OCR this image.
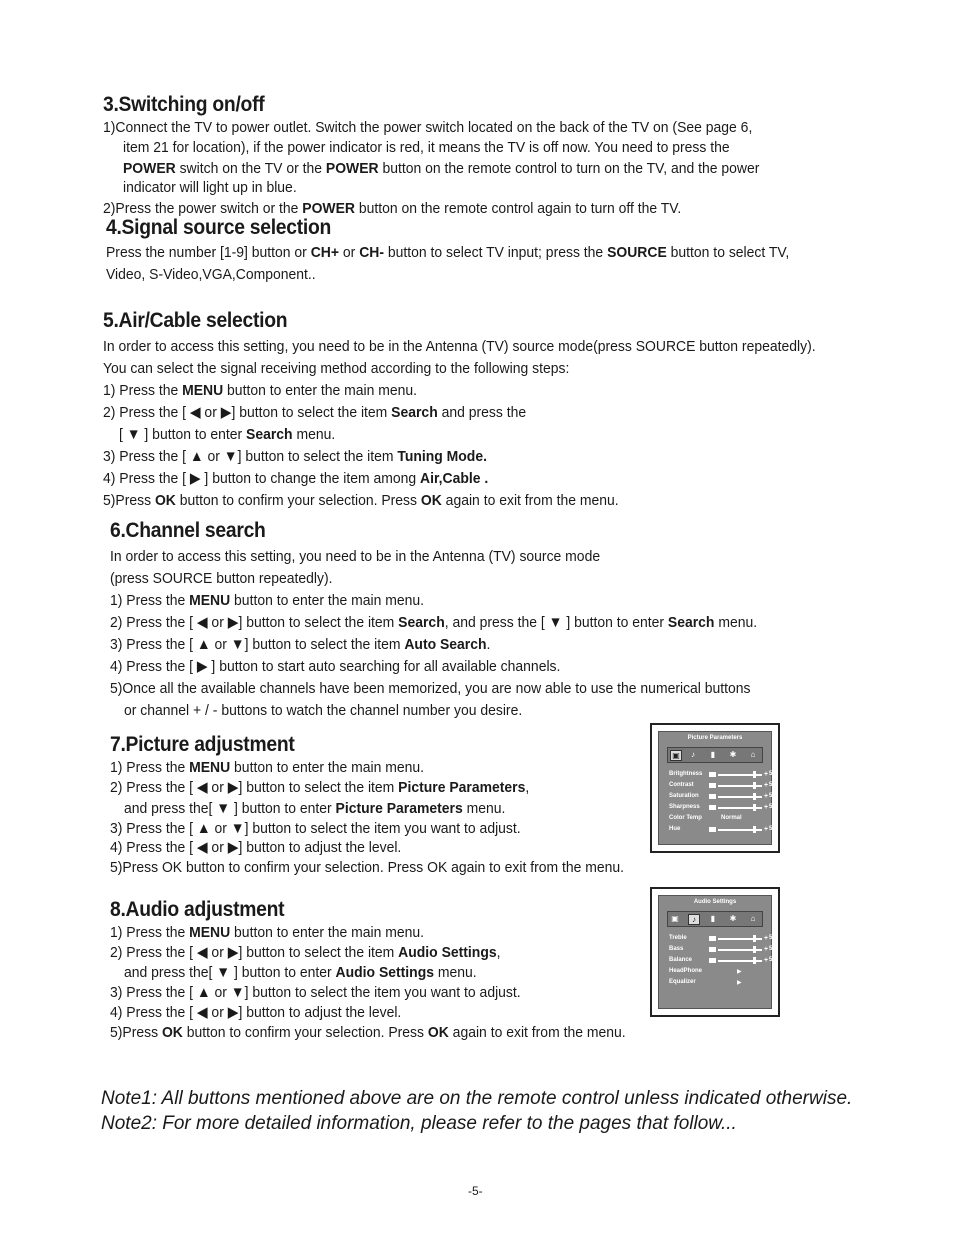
3.Switching on/off
1)Connect the TV to power outlet. Switch the power switch located on the back of the TV on (See page 6,
item 21 for location), if the power indicator is red, it means the TV is off now. You need to press the
POWER switch on the TV or the POWER button on the remote control to turn on the TV, and the power
indicator will light up in blue.
2)Press the power switch or the POWER button on the remote control again to turn off the TV.
4.Signal source selection
Press the number [1-9] button or CH+ or CH- button to select TV input; press the SOURCE button to select TV,
Video, S-Video,VGA,Component..
5.Air/Cable selection
In order to access this setting, you need to be in the Antenna (TV) source mode(press SOURCE button repeatedly).
You can select the signal receiving method according to the following steps:
1) Press the MENU button to enter the main menu.
2) Press the [ ◀ or ▶] button to select the item Search and press the
[ ▼ ] button to enter Search menu.
3) Press the [ ▲ or ▼] button to select the item Tuning Mode.
4) Press the [ ▶ ] button to change the item among Air,Cable .
5)Press OK button to confirm your selection. Press OK again to exit from the menu.
6.Channel search
In order to access this setting, you need to be in the Antenna (TV) source mode
(press SOURCE button repeatedly).
1) Press the MENU button to enter the main menu.
2) Press the [ ◀ or ▶] button to select the item Search, and press the [ ▼ ] button to enter Search menu.
3) Press the [ ▲ or ▼] button to select the item Auto Search.
4) Press the [ ▶ ] button to start auto searching for all available channels.
5)Once all the available channels have been memorized, you are now able to use the numerical buttons
or channel + / - buttons to watch the channel number you desire.
7.Picture adjustment
1) Press the MENU button to enter the main menu.
2) Press the [ ◀ or ▶] button to select the item Picture Parameters,
and press the[ ▼ ] button to enter Picture Parameters menu.
3) Press the [ ▲ or ▼] button to select the item you want to adjust.
4) Press the [ ◀ or ▶] button to adjust the level.
5)Press OK button to confirm your selection. Press OK again to exit from the menu.
Picture Parameters
▣	♪	▮	✱	⌂
Britghtness	+ 50
Contrast	+ 50
Saturation	+ 50
Sharpness	+ 50
Color Temp	Normal
Hue	+ 50
8.Audio adjustment
1) Press the MENU button to enter the main menu.
2) Press the [ ◀ or ▶] button to select the item Audio Settings,
and press the[ ▼ ] button to enter Audio Settings menu.
3) Press the [ ▲ or ▼] button to select the item you want to adjust.
4) Press the [ ◀ or ▶] button to adjust the level.
5)Press OK button to confirm your selection. Press OK again to exit from the menu.
Audio Settings
▣	♪	▮	✱	⌂
Treble	+ 50
Bass	+ 50
Balance	+ 50
HeadPhone	▶
Equalizer	▶
Note1: All buttons mentioned above are on the remote control unless indicated otherwise.
Note2: For more detailed information, please refer to the pages that follow...
-5-
